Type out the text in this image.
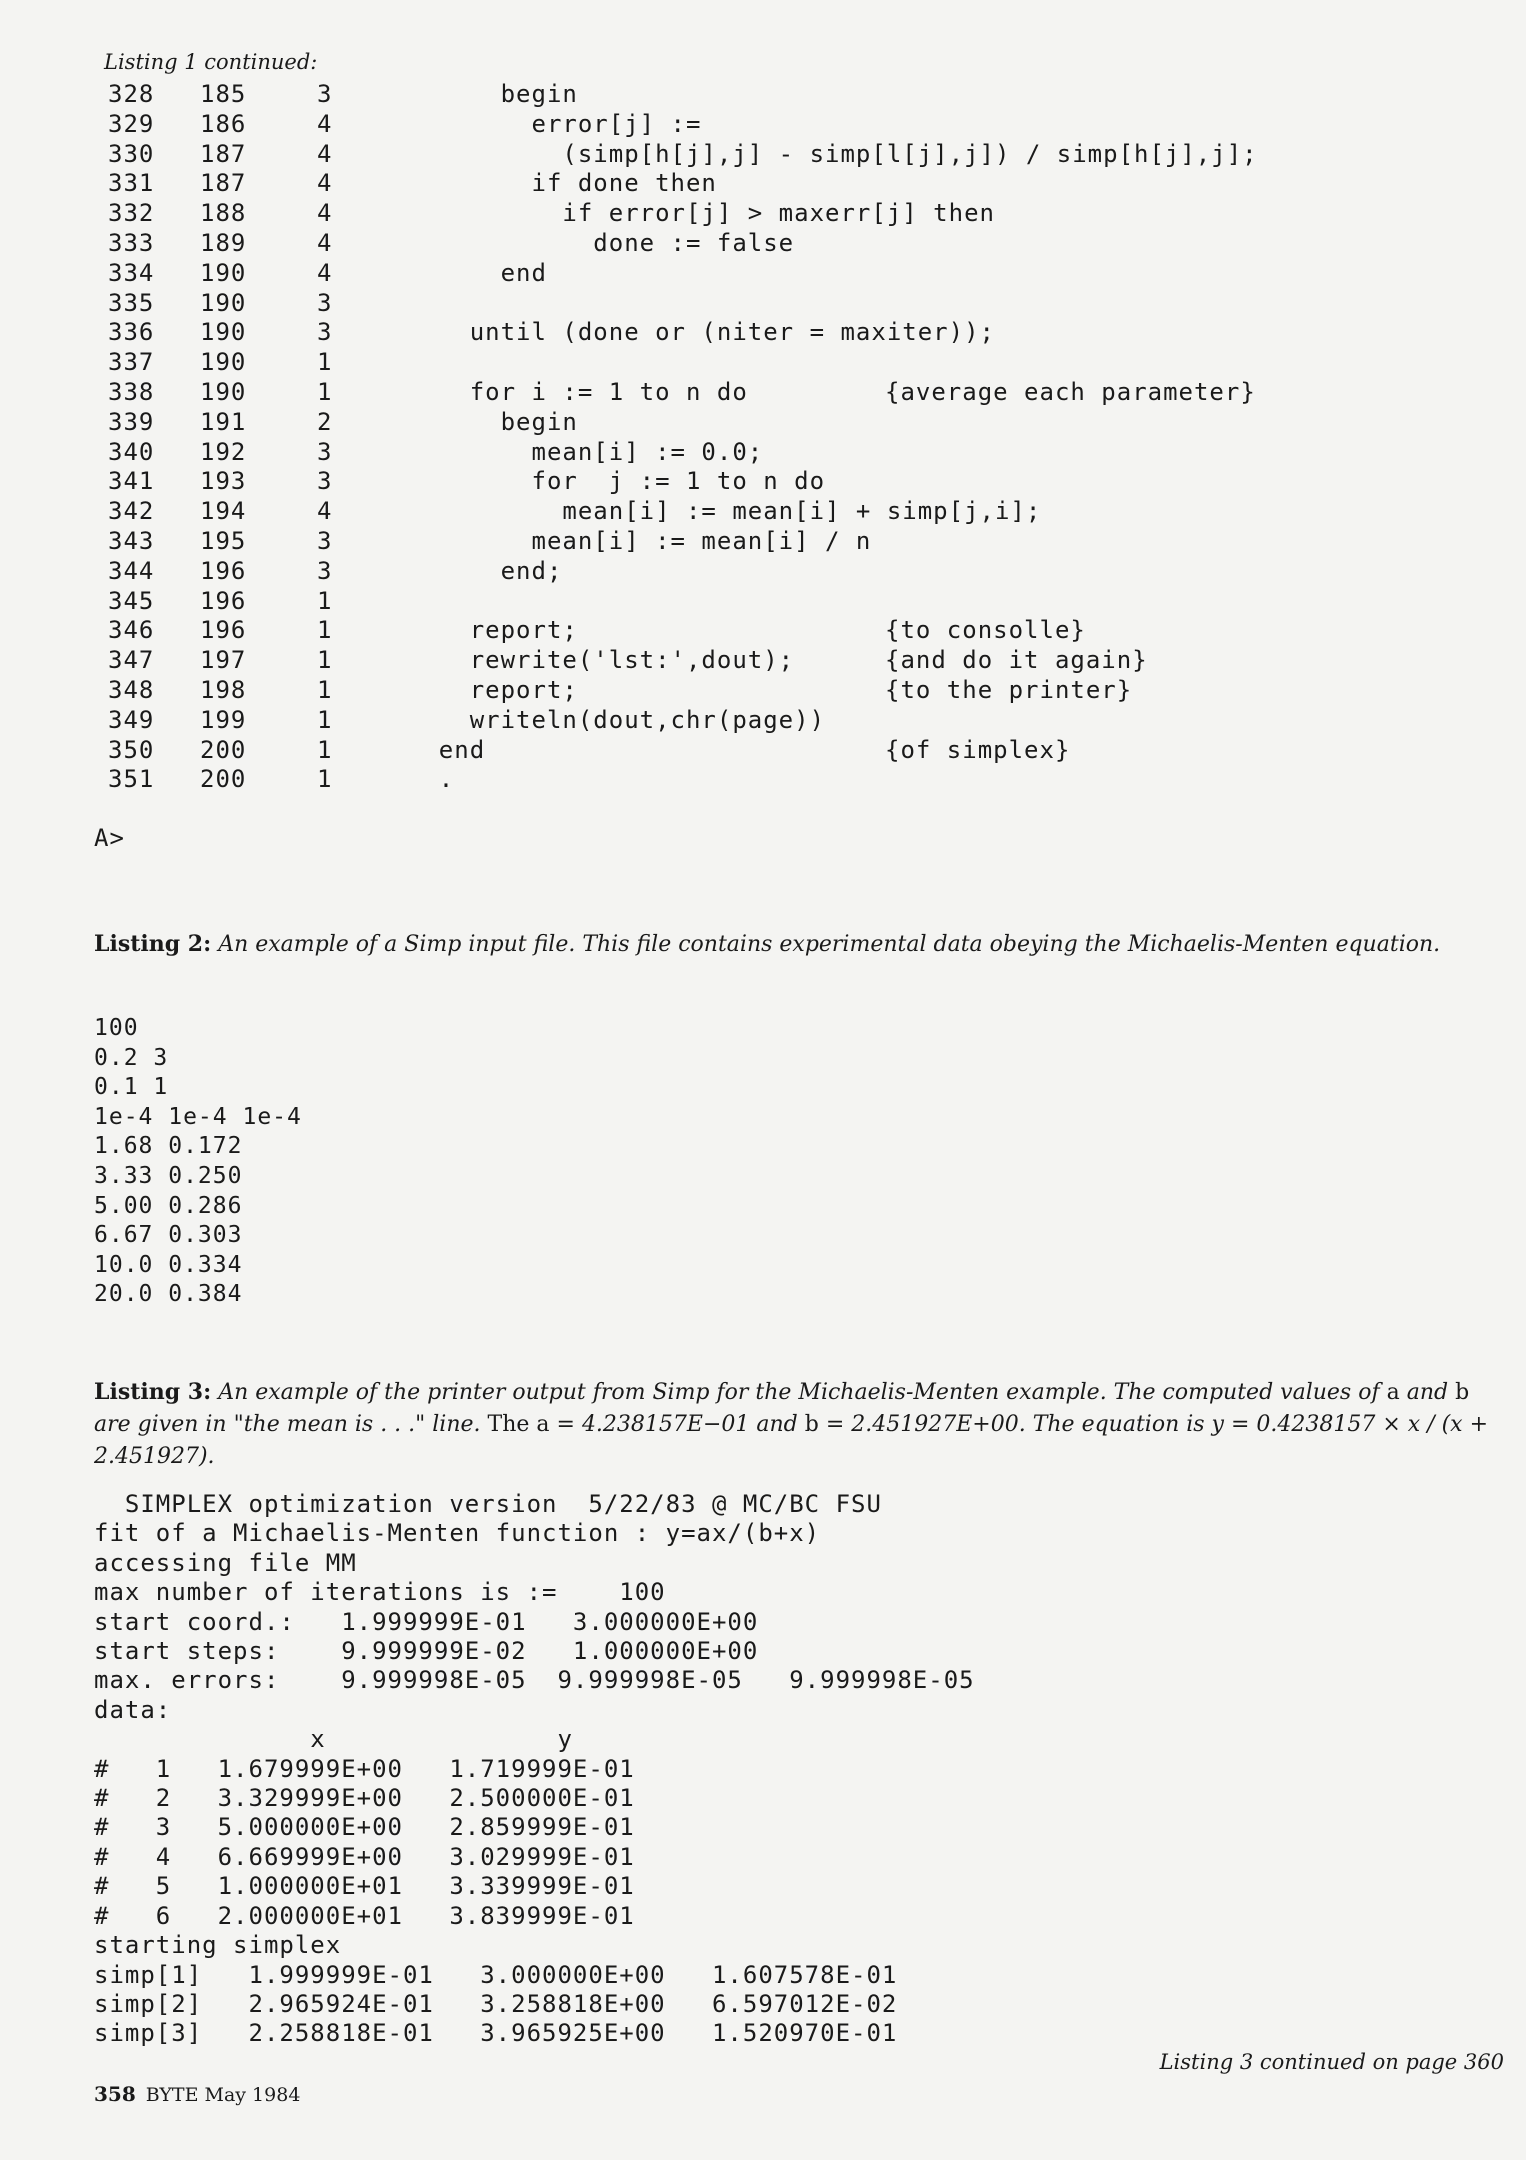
Listing 1 continued:
328	185	3	begin
329	186	4	error[j] :=
330	187	4	(simp[h[j],j] - simp[l[j],j]) / simp[h[j],j];
331	187	4	if done then
332	188	4	if error[j] > maxerr[j] then
333	189	4	done := false
334	190	4	end
335	190	3
336	190	3	until (done or (niter = maxiter));
337	190	1
338	190	1	for i := 1 to n do	{average each parameter}
339	191	2	begin
340	192	3	mean[i] := 0.0;
341	193	3	for  j := 1 to n do
342	194	4	mean[i] := mean[i] + simp[j,i];
343	195	3	mean[i] := mean[i] / n
344	196	3	end;
345	196	1
346	196	1	report;	{to consolle}
347	197	1	rewrite('lst:',dout);	{and do it again}
348	198	1	report;	{to the printer}
349	199	1	writeln(dout,chr(page))
350	200	1	end	{of simplex}
351	200	1	.
A>
Listing 2: An example of a Simp input file. This file contains experimental data obeying the Michaelis-Menten equation.
100
0.2 3
0.1 1
1e-4 1e-4 1e-4
1.68 0.172
3.33 0.250
5.00 0.286
6.67 0.303
10.0 0.334
20.0 0.384
Listing 3: An example of the printer output from Simp for the Michaelis-Menten example. The computed values of a and b are given in "the mean is . . ." line. The a = 4.238157E−01 and b = 2.451927E+00. The equation is y = 0.4238157 × x / (x + 2.451927).
SIMPLEX optimization version  5/22/83 @ MC/BC FSU
fit of a Michaelis-Menten function : y=ax/(b+x)
accessing file MM
max number of iterations is :=    100
start coord.:   1.999999E-01   3.000000E+00
start steps:    9.999999E-02   1.000000E+00
max. errors:    9.999998E-05  9.999998E-05   9.999998E-05
data:
x               y
#   1   1.679999E+00   1.719999E-01
#   2   3.329999E+00   2.500000E-01
#   3   5.000000E+00   2.859999E-01
#   4   6.669999E+00   3.029999E-01
#   5   1.000000E+01   3.339999E-01
#   6   2.000000E+01   3.839999E-01
starting simplex
simp[1]   1.999999E-01   3.000000E+00   1.607578E-01
simp[2]   2.965924E-01   3.258818E+00   6.597012E-02
simp[3]   2.258818E-01   3.965925E+00   1.520970E-01
Listing 3 continued on page 360
358 BYTE May 1984
